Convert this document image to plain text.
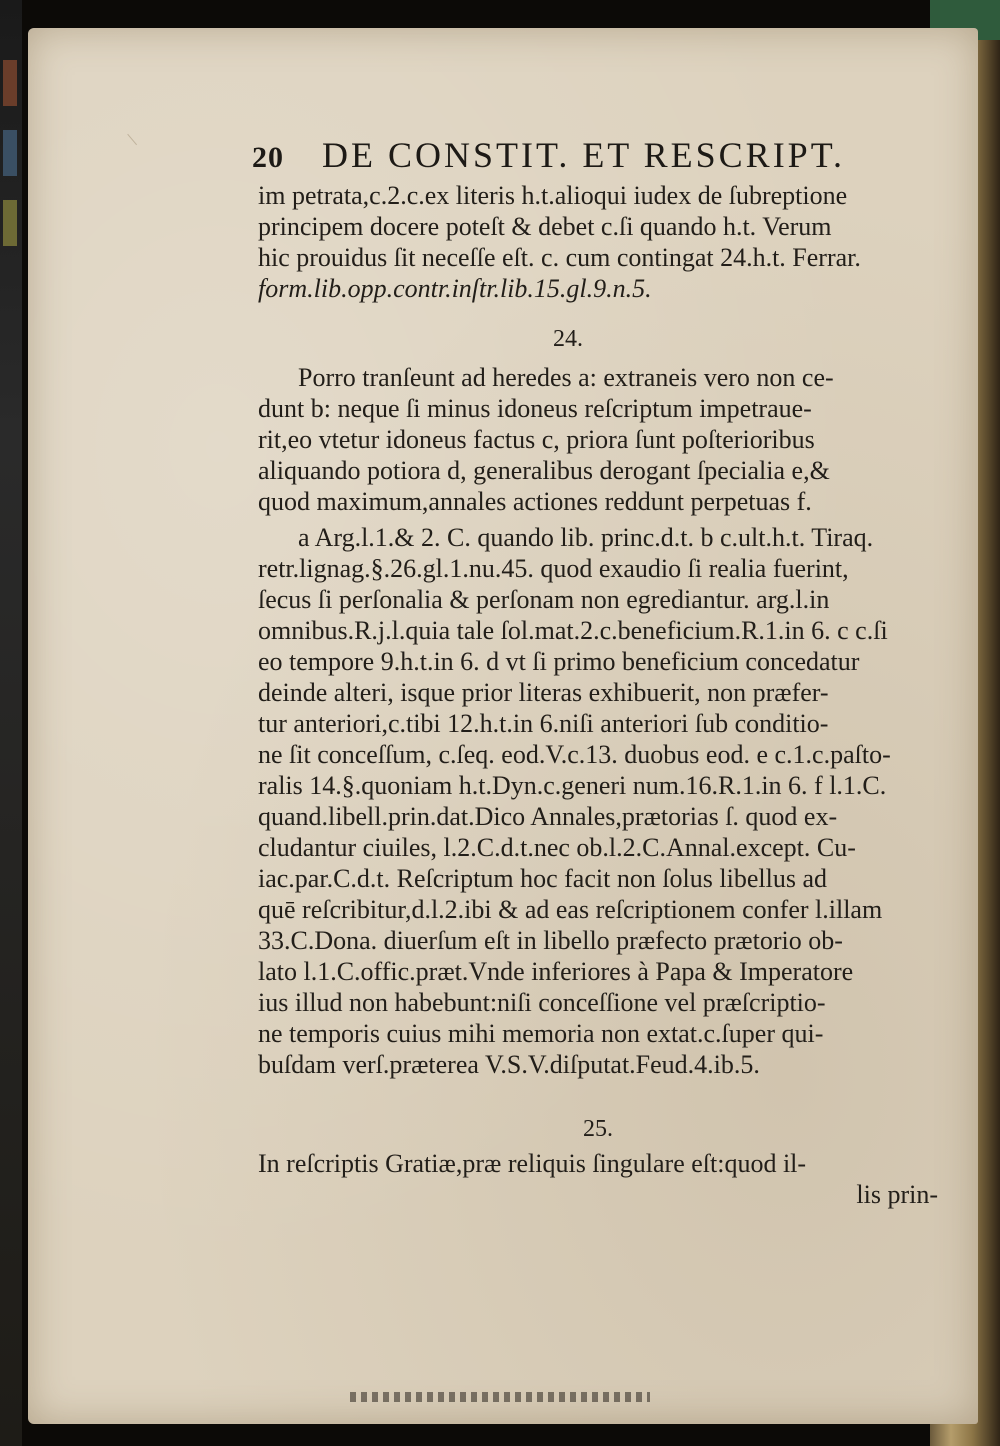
20	DE CONSTIT. ET RESCRIPT.
im petrata,c.2.c.ex literis h.t.alioqui iudex de ſubreptione
principem docere poteſt & debet c.ſi quando h.t. Verum
hic prouidus ſit neceſſe eſt. c. cum contingat 24.h.t. Ferrar.
form.lib.opp.contr.inſtr.lib.15.gl.9.n.5.
24.
Porro tranſeunt ad heredes a: extraneis vero non ce-
dunt b: neque ſi minus idoneus reſcriptum impetraue-
rit,eo vtetur idoneus factus c, priora ſunt poſterioribus
aliquando potiora d, generalibus derogant ſpecialia e,&
quod maximum,annales actiones reddunt perpetuas f.
a Arg.l.1.& 2. C. quando lib. princ.d.t. b c.ult.h.t. Tiraq.
retr.lignag.§.26.gl.1.nu.45. quod exaudio ſi realia fuerint,
ſecus ſi perſonalia & perſonam non egrediantur. arg.l.in
omnibus.R.j.l.quia tale ſol.mat.2.c.beneficium.R.1.in 6. c c.ſi
eo tempore 9.h.t.in 6. d vt ſi primo beneficium concedatur
deinde alteri, isque prior literas exhibuerit, non præfer-
tur anteriori,c.tibi 12.h.t.in 6.niſi anteriori ſub conditio-
ne ſit conceſſum, c.ſeq. eod.V.c.13. duobus eod. e c.1.c.paſto-
ralis 14.§.quoniam h.t.Dyn.c.generi num.16.R.1.in 6. f l.1.C.
quand.libell.prin.dat.Dico Annales,prætorias ſ. quod ex-
cludantur ciuiles, l.2.C.d.t.nec ob.l.2.C.Annal.except. Cu-
iac.par.C.d.t. Reſcriptum hoc facit non ſolus libellus ad
quē reſcribitur,d.l.2.ibi & ad eas reſcriptionem confer l.illam
33.C.Dona. diuerſum eſt in libello præfecto prætorio ob-
lato l.1.C.offic.præt.Vnde inferiores à Papa & Imperatore
ius illud non habebunt:niſi conceſſione vel præſcriptio-
ne temporis cuius mihi memoria non extat.c.ſuper qui-
buſdam verſ.præterea V.S.V.diſputat.Feud.4.ib.5.
25.
In reſcriptis Gratiæ,præ reliquis ſingulare eſt:quod il-
lis prin-
